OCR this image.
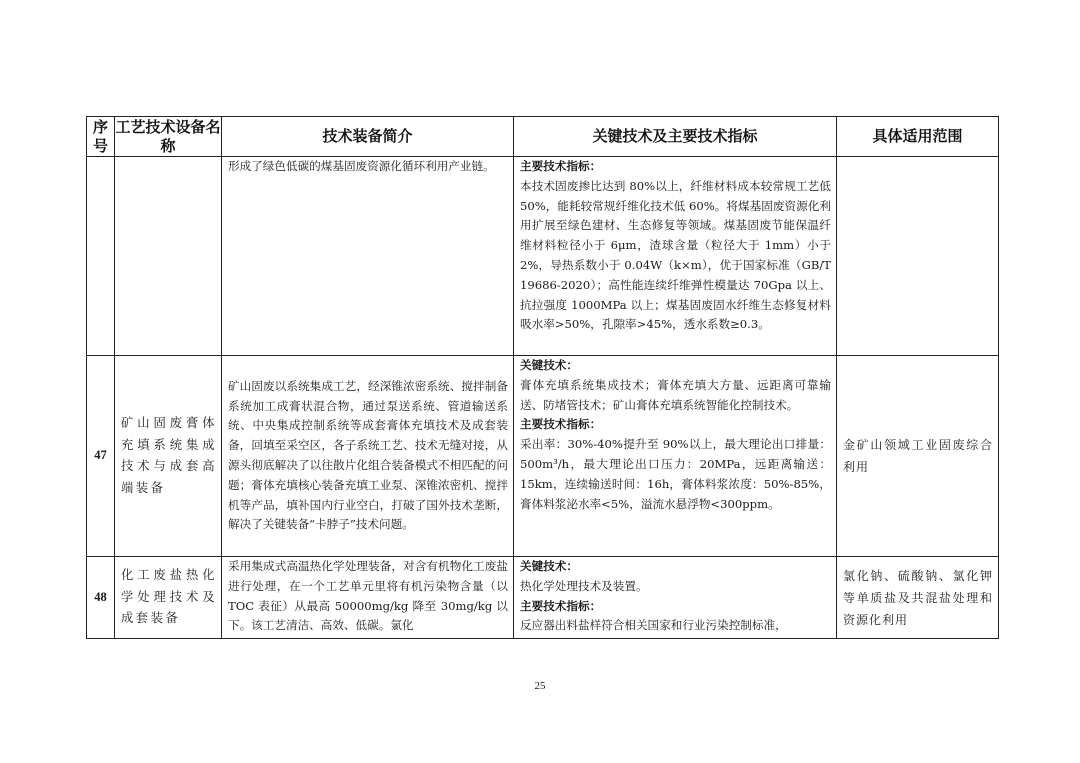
序号	工艺技术设备名称	技术装备简介	关键技术及主要技术指标	具体适用范围
		形成了绿色低碳的煤基固废资源化循环利用产业链。	主要技术指标：
本技术固废掺比达到 80%以上，纤维材料成本较常规工艺低 50%，能耗较常规纤维化技术低 60%。将煤基固废资源化利用扩展至绿色建材、生态修复等领域。煤基固废节能保温纤维材料粒径小于 6μm，渣球含量（粒径大于 1mm）小于 2%，导热系数小于 0.04W（k×m），优于国家标准（GB/T 19686-2020）；高性能连续纤维弹性模量达 70Gpa 以上、抗拉强度 1000MPa 以上；煤基固废固水纤维生态修复材料吸水率>50%，孔隙率>45%，透水系数≥0.3。	

47	矿山固废膏体充填系统集成技术与成套高端装备	矿山固废以系统集成工艺，经深锥浓密系统、搅拌制备系统加工成膏状混合物，通过泵送系统、管道输送系统、中央集成控制系统等成套膏体充填技术及成套装备，回填至采空区，各子系统工艺、技术无缝对接，从源头彻底解决了以往散片化组合装备模式不相匹配的问题；膏体充填核心装备充填工业泵、深锥浓密机、搅拌机等产品，填补国内行业空白，打破了国外技术垄断，解决了关键装备“卡脖子”技术问题。	关键技术：
膏体充填系统集成技术；膏体充填大方量、远距离可靠输送、防堵管技术；矿山膏体充填系统智能化控制技术。
主要技术指标：
采出率：30%-40%提升至 90%以上，最大理论出口排量：500m³/h，最大理论出口压力：20MPa，远距离输送：15km，连续输送时间：16h，膏体料浆浓度：50%-85%，膏体料浆泌水率<5%，溢流水悬浮物<300ppm。	金矿山领域工业固废综合利用
48	化工废盐热化学处理技术及成套装备	采用集成式高温热化学处理装备，对含有机物化工废盐进行处理，在一个工艺单元里将有机污染物含量（以 TOC 表征）从最高 50000mg/kg 降至 30mg/kg 以下。该工艺清洁、高效、低碳。氯化	关键技术：
热化学处理技术及装置。
主要技术指标：
反应器出料盐样符合相关国家和行业污染控制标准，	氯化钠、硫酸钠、氯化钾等单质盐及共混盐处理和资源化利用
25
